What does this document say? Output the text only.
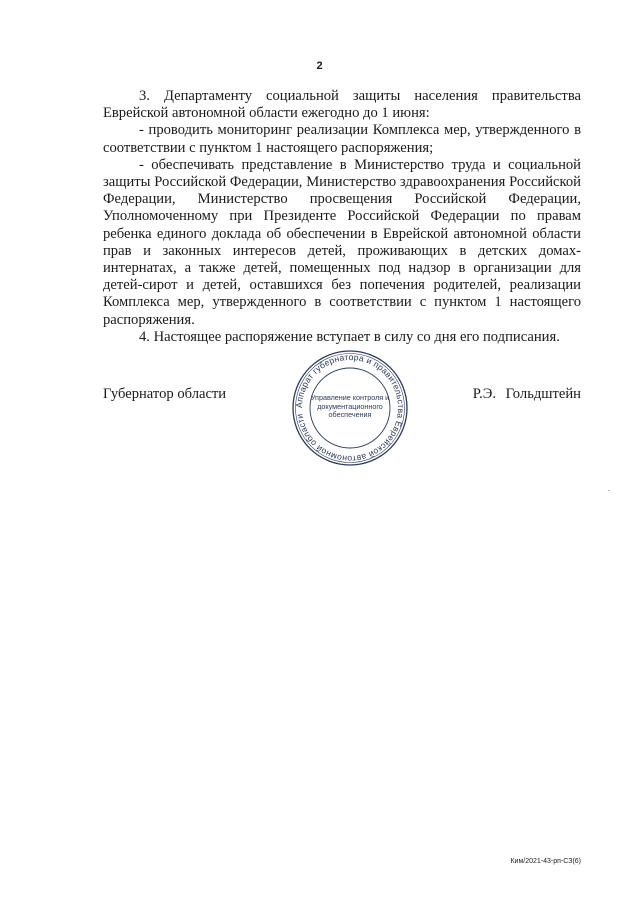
2

3. Департаменту социальной защиты населения правительства Еврейской автономной области ежегодно до 1 июня:

- проводить мониторинг реализации Комплекса мер, утвержденного в соответствии с пунктом 1 настоящего распоряжения;

- обеспечивать представление в Министерство труда и социальной защиты Российской Федерации, Министерство здравоохранения Российской Федерации, Министерство просвещения Российской Федерации, Уполномоченному при Президенте Российской Федерации по правам ребенка единого доклада об обеспечении в Еврейской автономной области прав и законных интересов детей, проживающих в детских домах-интернатах, а также детей, помещенных под надзор в организации для детей-сирот и детей, оставшихся без попечения родителей, реализации Комплекса мер, утвержденного в соответствии с пунктом 1 настоящего распоряжения.

4. Настоящее распоряжение вступает в силу со дня его подписания.

Губернатор области	Р.Э. Гольдштейн
Аппарат губернатора и правительства Еврейской автономной области
Управление контроля и документационного обеспечения
Ким/2021-43-рп-СЗ(6)
